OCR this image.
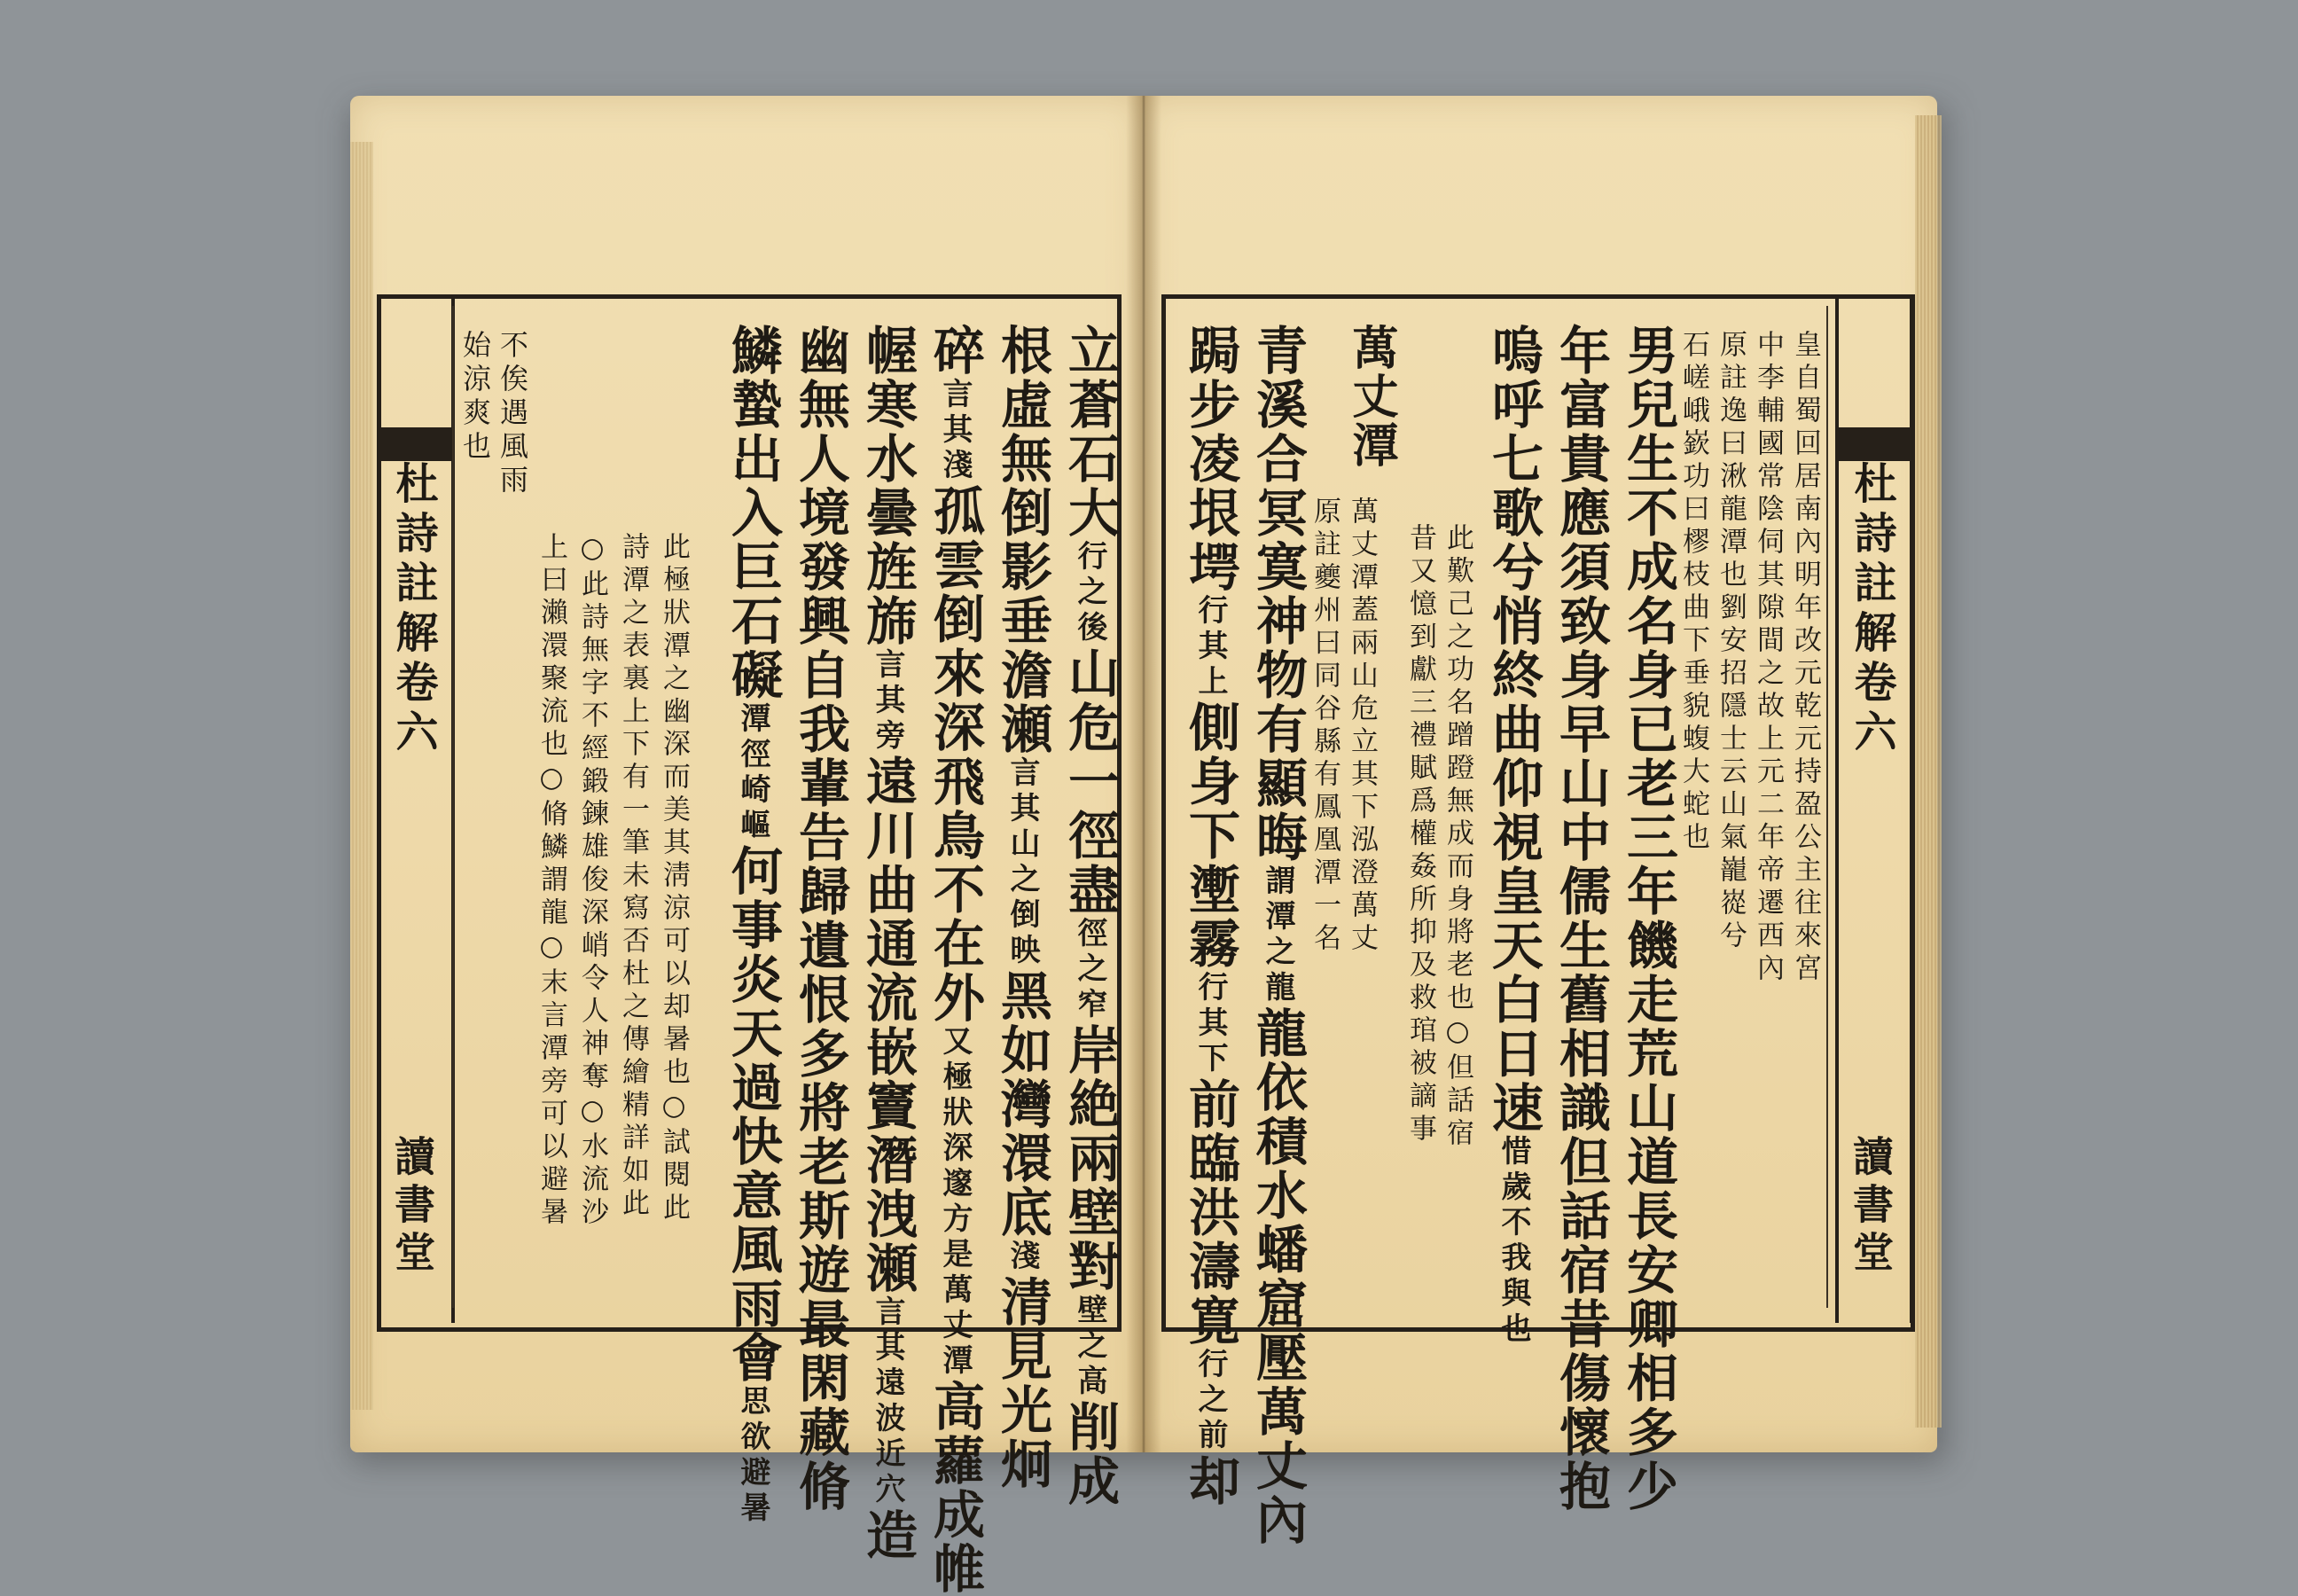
杜詩註解卷六
讀書堂
始涼爽也 不俟遇風雨
上曰瀨澴聚流也○脩鱗謂龍○末言潭旁可以避暑 ○此詩無字不經鍛鍊雄俊深峭令人神奪○水流沙 詩潭之表裏上下有一筆未寫否杜之傳繪精詳如此 此極狀潭之幽深而美其淸涼可以却暑也○試閱此
立蒼石大行之後山危一徑盡徑之窄岸絶兩壁對壁之高削成
根虛無倒影垂澹瀬言其山之倒映黑如灣澴底淺清見光炯
碎言其淺孤雲倒來深飛鳥不在外又極狀深邃方是萬丈潭高蘿成帷
幄寒水曇旌旆言其旁遠川曲通流嵌竇潛洩瀬言其遠波近穴造
幽無人境發興自我輩告歸遺恨多將老斯遊最閑藏脩
鱗蟄出入巨石礙潭徑崎嶇何事炎天過快意風雨會思欲避暑
杜詩註解卷六
讀書堂
皇自蜀回居南內明年改元乾元持盈公主往來宮
中李輔國常陰伺其隙間之故上元二年帝遷西內
原註逸曰湫龍潭也劉安招隱士云山氣巃嵸兮
石嵯峨嶔功曰樛枝曲下垂貌蝮大蛇也
男兒生不成名身已老三年饑走荒山道長安卿相多少
年富貴應須致身早山中儒生舊相識但話宿昔傷懷抱
嗚呼七歌兮悄終曲仰視皇天白日速惜歲不我與也
此歎己之功名蹭蹬無成而身將老也○但話宿
昔又憶到獻三禮賦爲權姦所抑及救琯被謫事
萬丈潭
萬丈潭蓋兩山危立其下泓澄萬丈
原註夔州曰同谷縣有鳳凰潭一名
青溪合冥寞神物有顯晦謂潭之龍龍依積水蟠窟壓萬丈內
跼步凌垠堮行其上側身下壍霧行其下前臨洪濤寛行之前却
